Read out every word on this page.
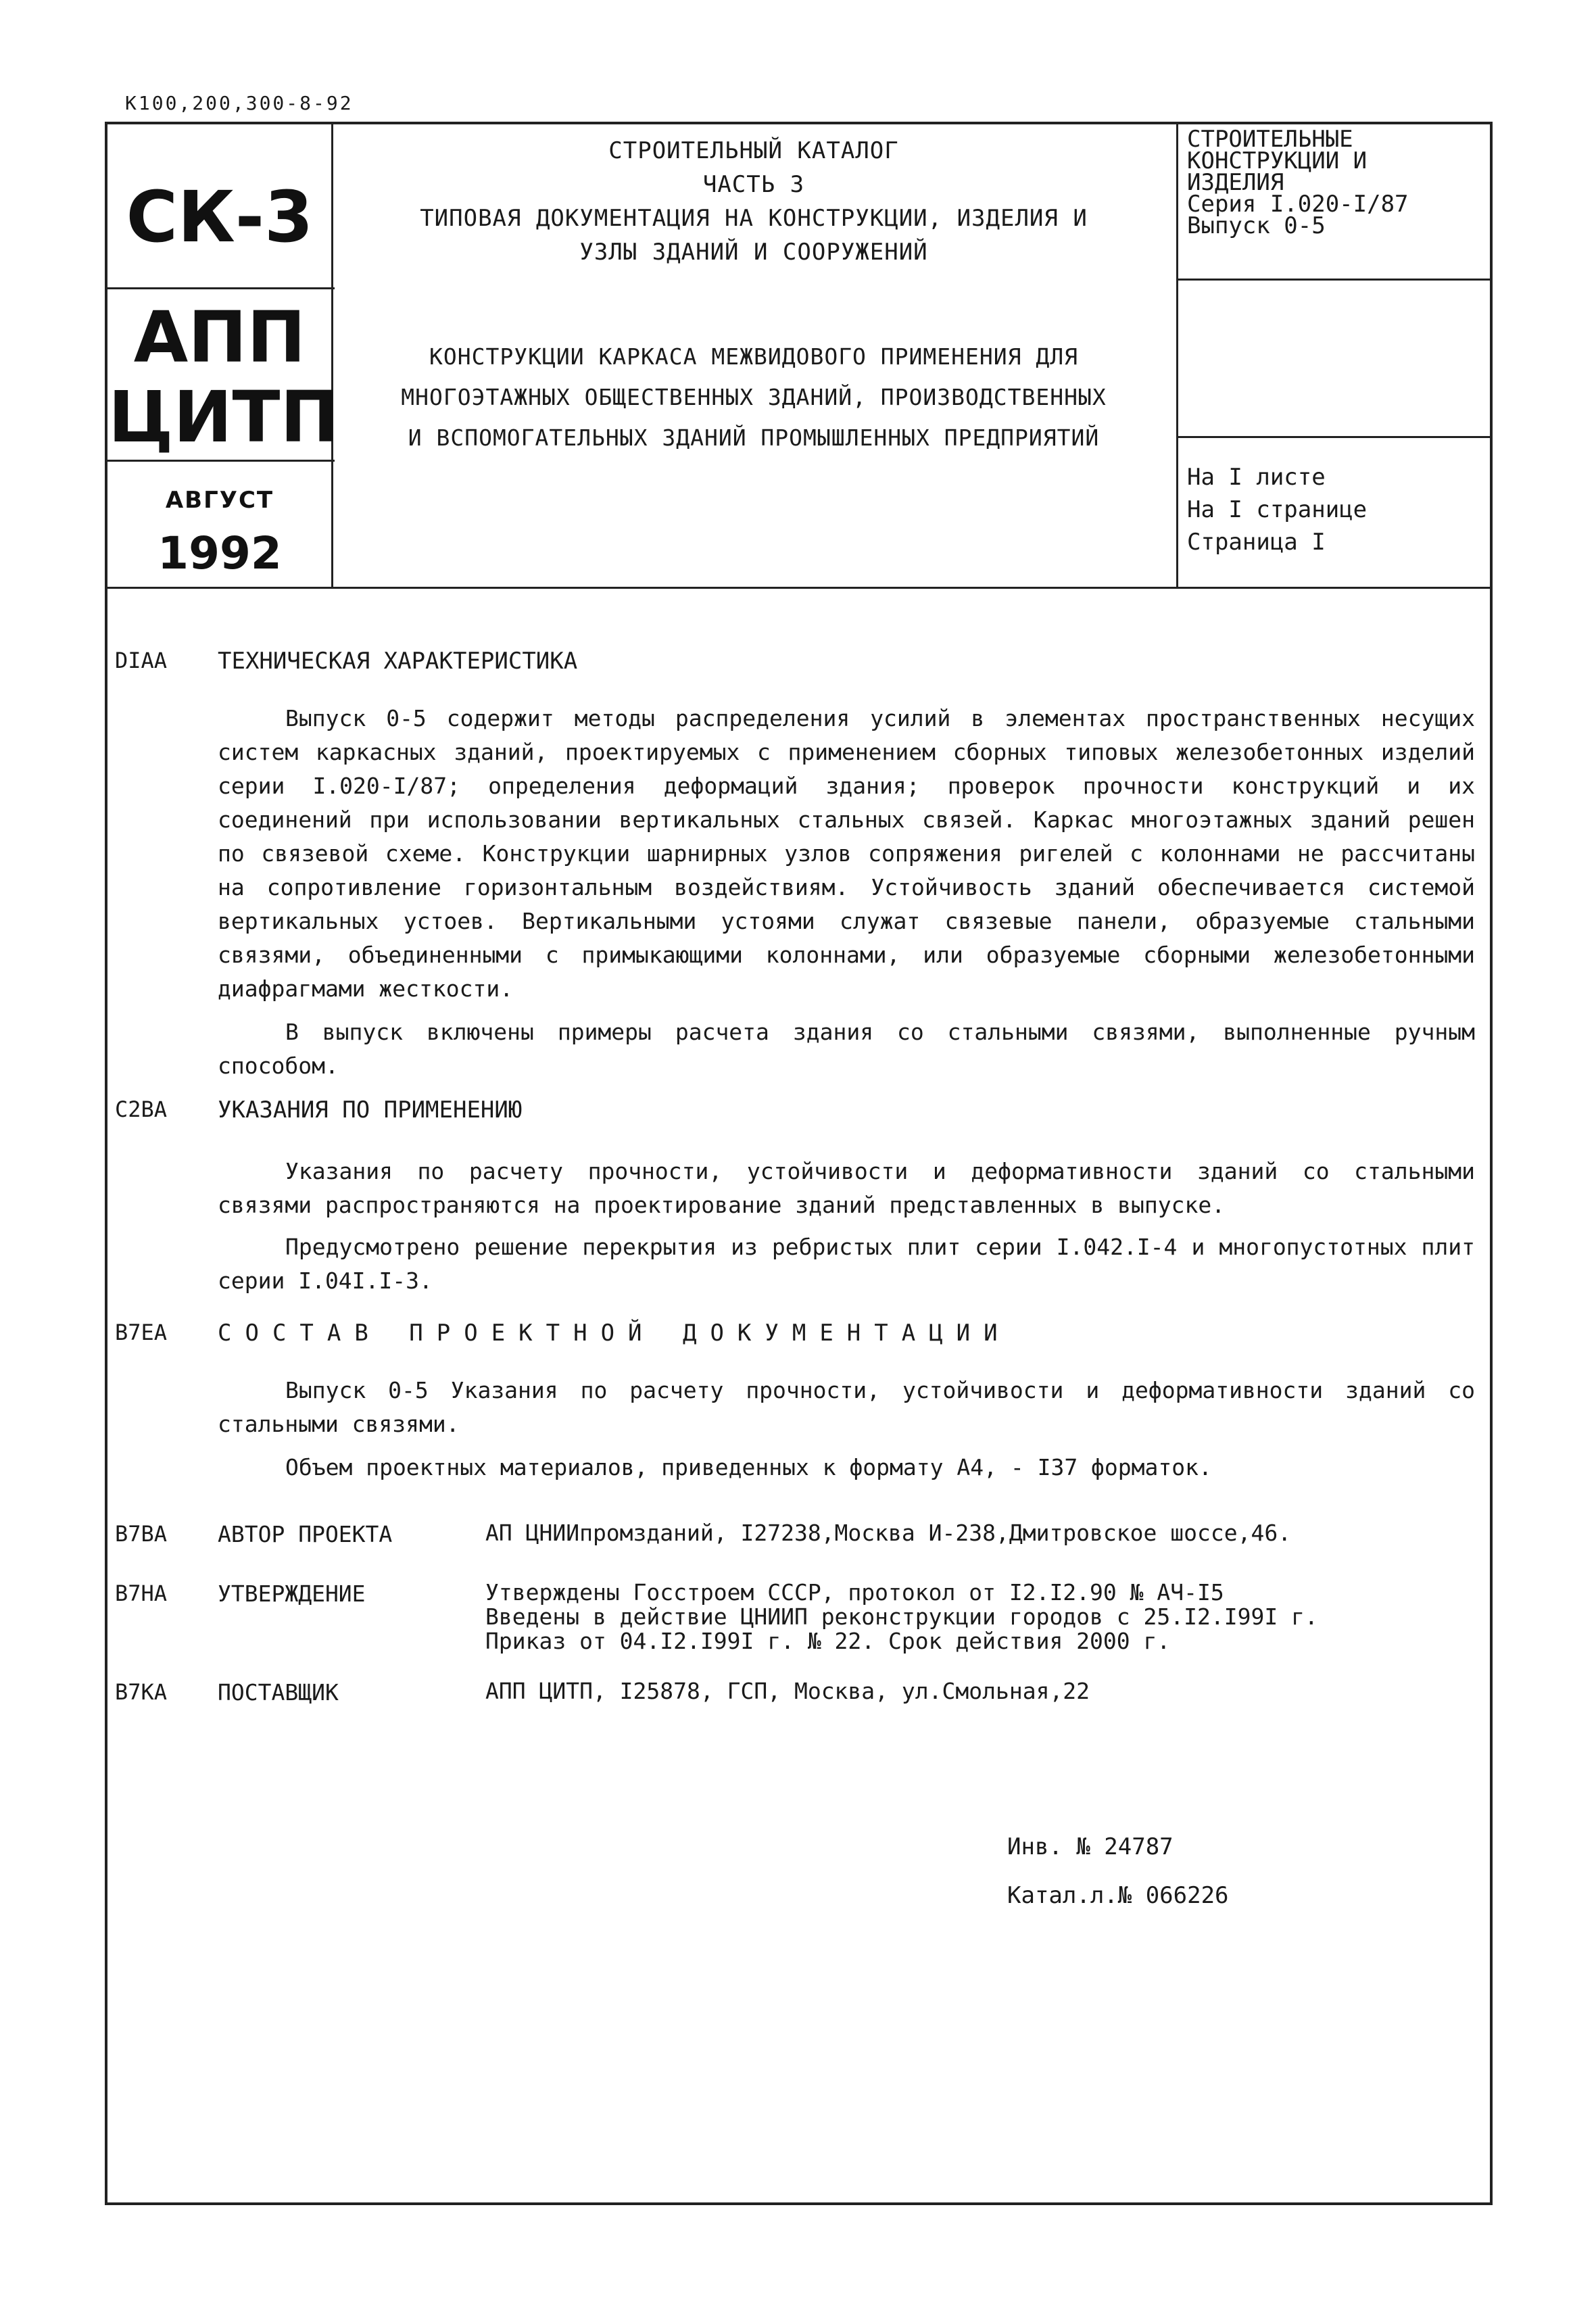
К100,200,300-8-92
СК-3
АПП
ЦИТП
АВГУСТ
1992
СТРОИТЕЛЬНЫЙ КАТАЛОГ
ЧАСТЬ 3
ТИПОВАЯ ДОКУМЕНТАЦИЯ НА КОНСТРУКЦИИ, ИЗДЕЛИЯ И
УЗЛЫ ЗДАНИЙ И СООРУЖЕНИЙ
КОНСТРУКЦИИ КАРКАСА МЕЖВИДОВОГО ПРИМЕНЕНИЯ ДЛЯ
МНОГОЭТАЖНЫХ ОБЩЕСТВЕННЫХ ЗДАНИЙ, ПРОИЗВОДСТВЕННЫХ
И ВСПОМОГАТЕЛЬНЫХ ЗДАНИЙ ПРОМЫШЛЕННЫХ ПРЕДПРИЯТИЙ
СТРОИТЕЛЬНЫЕ
КОНСТРУКЦИИ И
ИЗДЕЛИЯ
Серия I.020-I/87
Выпуск 0-5
На I листе
На I странице
Страница I
DIAA ТЕХНИЧЕСКАЯ ХАРАКТЕРИСТИКА
Выпуск 0-5 содержит методы распределения усилий в элементах пространственных несущих систем каркасных зданий, проектируемых с применением сборных типовых железобетонных изделий серии I.020-I/87; определения деформаций здания; проверок прочности конструкций и их соединений при использовании вертикальных стальных связей. Каркас многоэтажных зданий решен по связевой схеме. Конструкции шарнирных узлов сопряжения ригелей с колоннами не рассчитаны на сопротивление горизонтальным воздействиям. Устойчивость зданий обеспечивается системой вертикальных устоев. Вертикальными устоями служат связевые панели, образуемые стальными связями, объединенными с примыкающими колоннами, или образуемые сборными железобетонными диафрагмами жесткости.
В выпуск включены примеры расчета здания со стальными связями, выполненные ручным способом.
C2BA УКАЗАНИЯ ПО ПРИМЕНЕНИЮ
Указания по расчету прочности, устойчивости и деформативности зданий со стальными связями распространяются на проектирование зданий представленных в выпуске.
Предусмотрено решение перекрытия из ребристых плит серии I.042.I-4 и многопустотных плит серии I.04I.I-3.
B7EA СОСТАВ ПРОЕКТНОЙ ДОКУМЕНТАЦИИ
Выпуск 0-5 Указания по расчету прочности, устойчивости и деформативности зданий со стальными связями.
Объем проектных материалов, приведенных к формату А4, - I37 форматок.
B7BA АВТОР ПРОЕКТА	АП ЦНИИпромзданий, I27238,Москва И-238,Дмитровское шоссе,46.
B7HA УТВЕРЖДЕНИЕ	Утверждены Госстроем СССР, протокол от I2.I2.90 № АЧ-I5
Введены в действие ЦНИИП реконструкции городов с 25.I2.I99I г.
Приказ от 04.I2.I99I г. № 22. Срок действия 2000 г.
B7KA ПОСТАВЩИК	АПП ЦИТП, I25878, ГСП, Москва, ул.Смольная,22
Инв. № 24787
Катал.л.№ 066226
